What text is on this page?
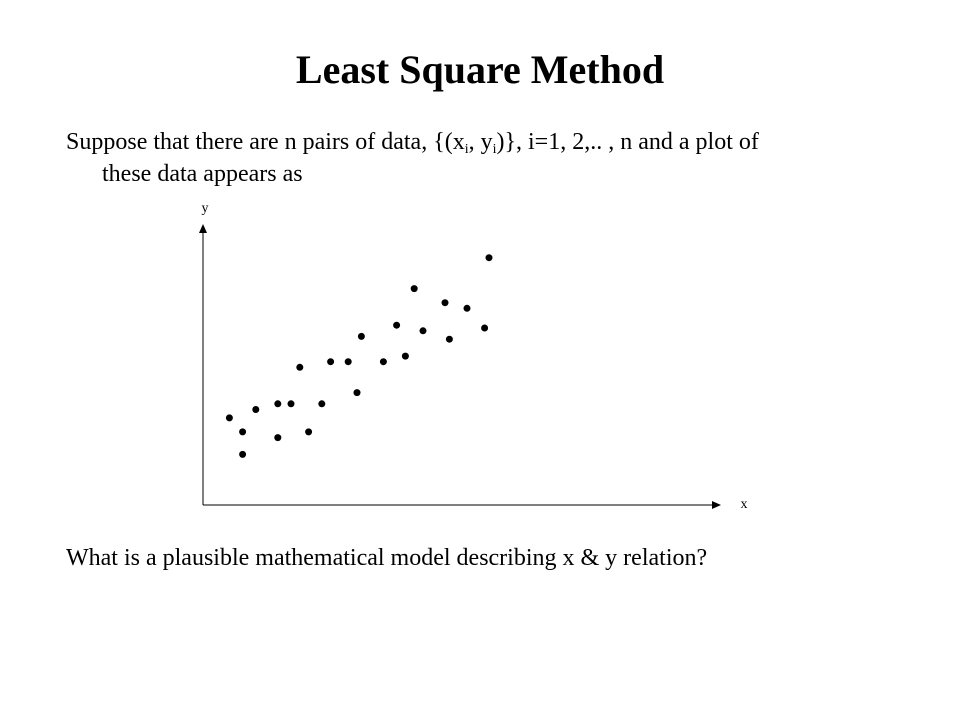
Least Square Method
Suppose that there are n pairs of data, {($x_i$, $y_i$)}, i=1, 2,.. , n and a plot of
these data appears as
y
x
What is a plausible mathematical model describing x & y relation?
